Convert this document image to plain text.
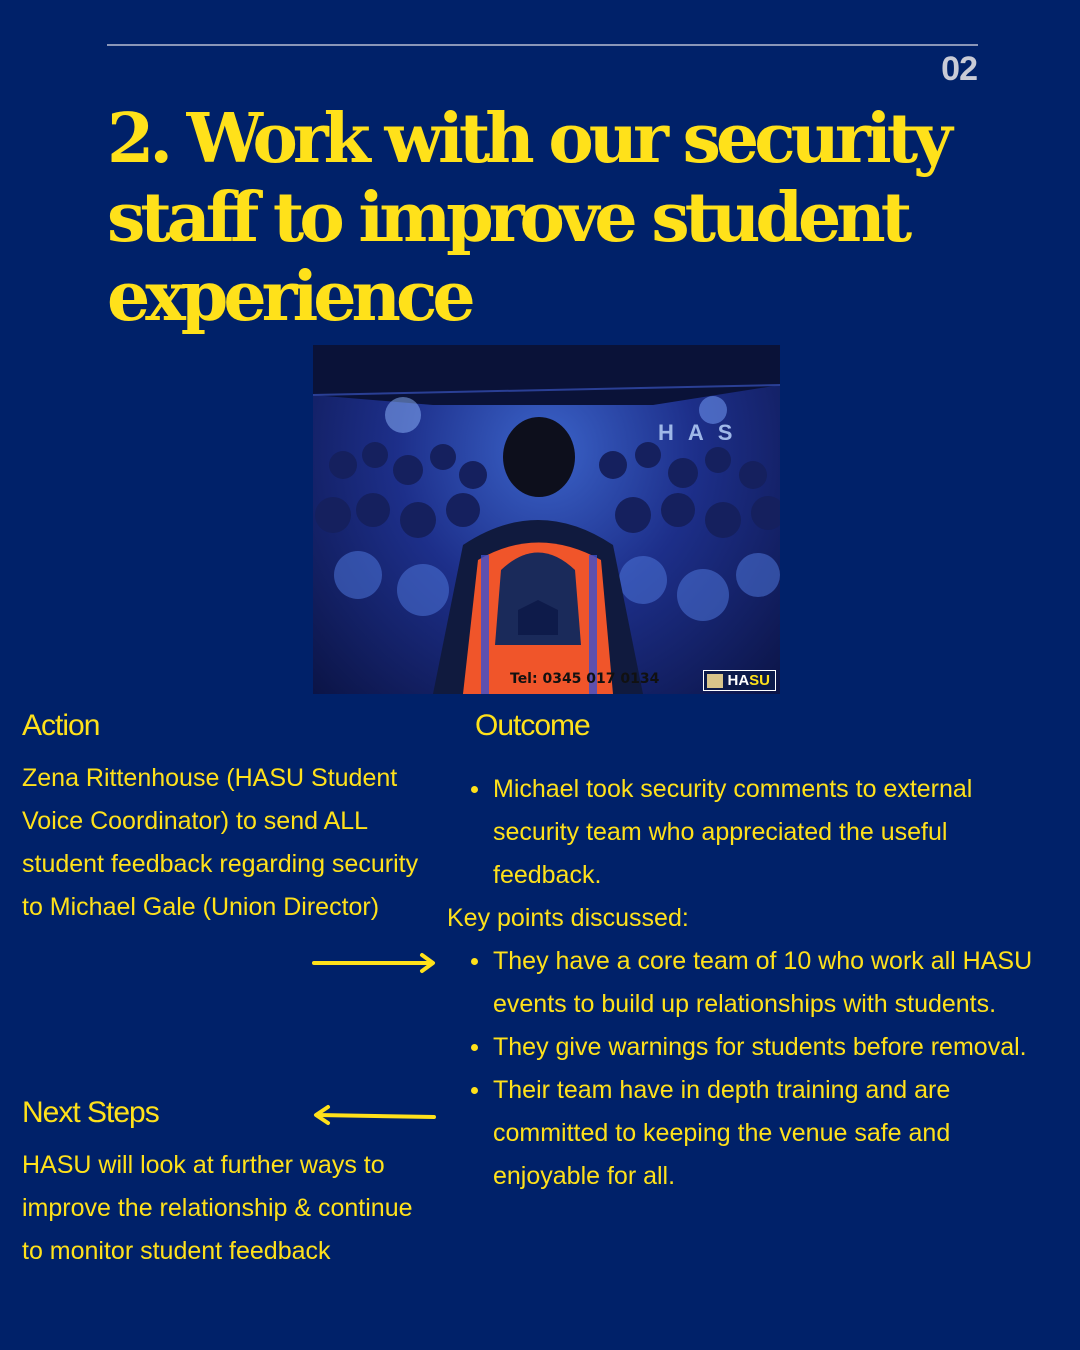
02
2. Work with our security staff to improve student experience
HAS
Tel: 0345 017 0134	HASU
Action

Zena Rittenhouse (HASU Student Voice Coordinator) to send ALL student feedback regarding security to Michael Gale (Union Director)

Next Steps

HASU will look at further ways to improve the relationship & continue to monitor student feedback

Outcome
Michael took security comments to external security team who appreciated the useful feedback.

Key points discussed:

They have a core team of 10 who work all HASU events to build up relationships with students.
They give warnings for students before removal.
Their team have in depth training and are committed to keeping the venue safe and enjoyable for all.
